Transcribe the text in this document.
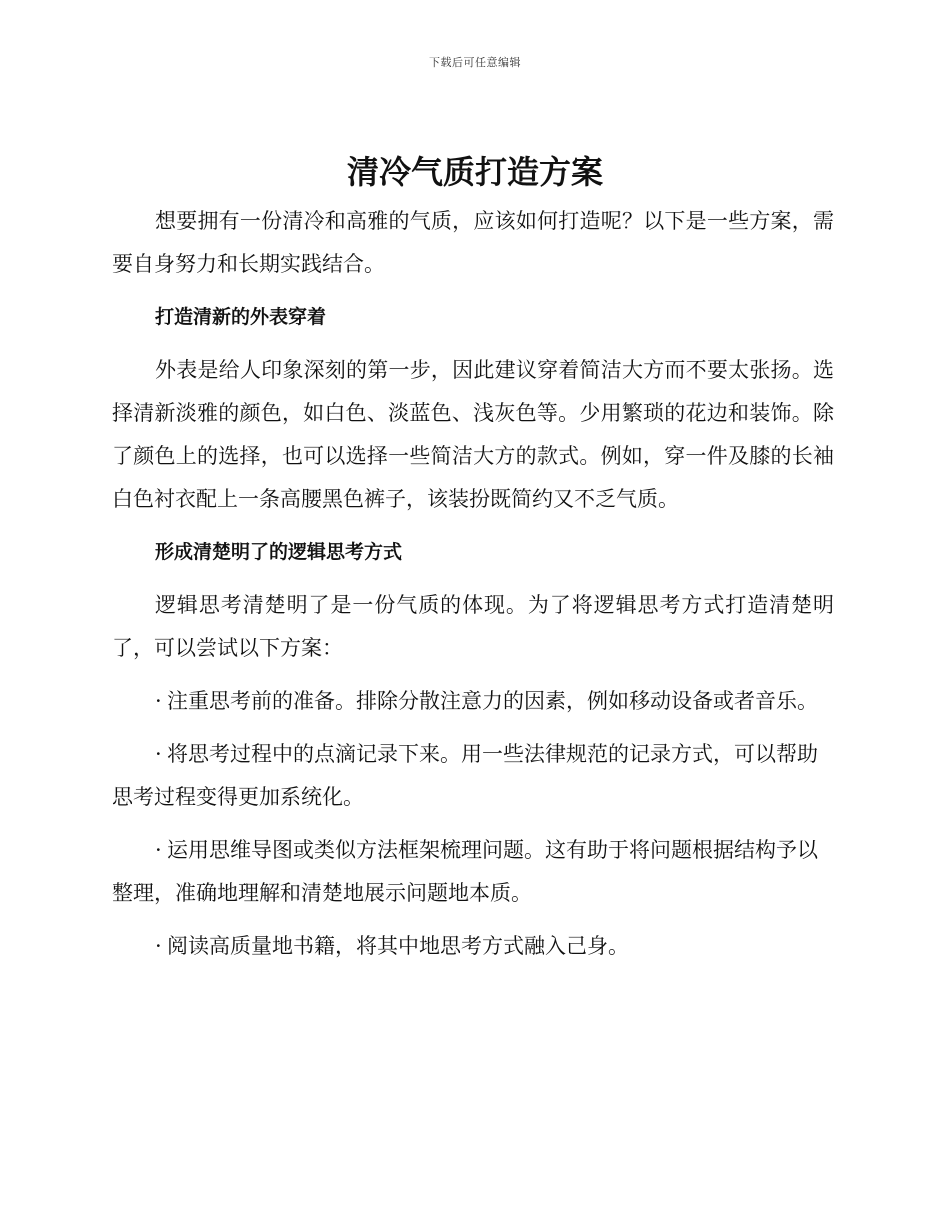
下载后可任意编辑
清冷气质打造方案

想要拥有一份清冷和高雅的气质，应该如何打造呢？以下是一些方案，需要自身努力和长期实践结合。

打造清新的外表穿着

外表是给人印象深刻的第一步，因此建议穿着简洁大方而不要太张扬。选择清新淡雅的颜色，如白色、淡蓝色、浅灰色等。少用繁琐的花边和装饰。除了颜色上的选择，也可以选择一些简洁大方的款式。例如，穿一件及膝的长袖白色衬衣配上一条高腰黑色裤子，该装扮既简约又不乏气质。

形成清楚明了的逻辑思考方式

逻辑思考清楚明了是一份气质的体现。为了将逻辑思考方式打造清楚明了，可以尝试以下方案：

· 注重思考前的准备。排除分散注意力的因素，例如移动设备或者音乐。

· 将思考过程中的点滴记录下来。用一些法律规范的记录方式，可以帮助思考过程变得更加系统化。

· 运用思维导图或类似方法框架梳理问题。这有助于将问题根据结构予以整理，准确地理解和清楚地展示问题地本质。

· 阅读高质量地书籍，将其中地思考方式融入己身。
